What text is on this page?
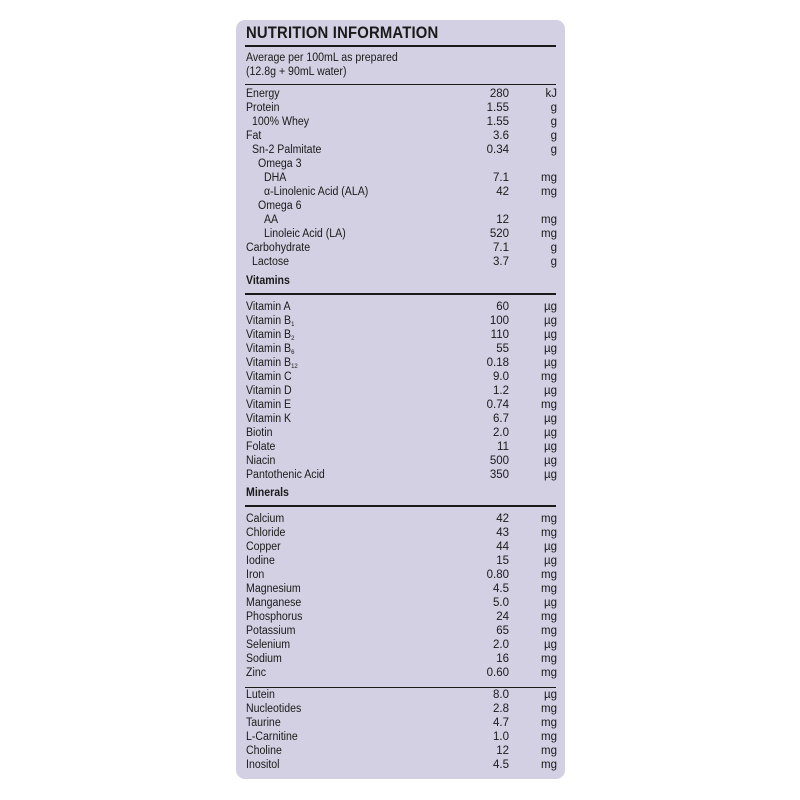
NUTRITION INFORMATION
Average per 100mL as prepared
(12.8g + 90mL water)
Energy	280	kJ
Protein	1.55	g
100% Whey	1.55	g
Fat	3.6	g
Sn-2 Palmitate	0.34	g
Omega 3
DHA	7.1	mg
α-Linolenic Acid (ALA)	42	mg
Omega 6
AA	12	mg
Linoleic Acid (LA)	520	mg
Carbohydrate	7.1	g
Lactose	3.7	g
Vitamins
Vitamin A	60	µg
Vitamin $B_1$	100	µg
Vitamin $B_2$	110	µg
Vitamin $B_6$	55	µg
Vitamin $B_{12}$	0.18	µg
Vitamin C	9.0	mg
Vitamin D	1.2	µg
Vitamin E	0.74	mg
Vitamin K	6.7	µg
Biotin	2.0	µg
Folate	11	µg
Niacin	500	µg
Pantothenic Acid	350	µg
Minerals
Calcium	42	mg
Chloride	43	mg
Copper	44	µg
Iodine	15	µg
Iron	0.80	mg
Magnesium	4.5	mg
Manganese	5.0	µg
Phosphorus	24	mg
Potassium	65	mg
Selenium	2.0	µg
Sodium	16	mg
Zinc	0.60	mg
Lutein	8.0	µg
Nucleotides	2.8	mg
Taurine	4.7	mg
L-Carnitine	1.0	mg
Choline	12	mg
Inositol	4.5	mg
